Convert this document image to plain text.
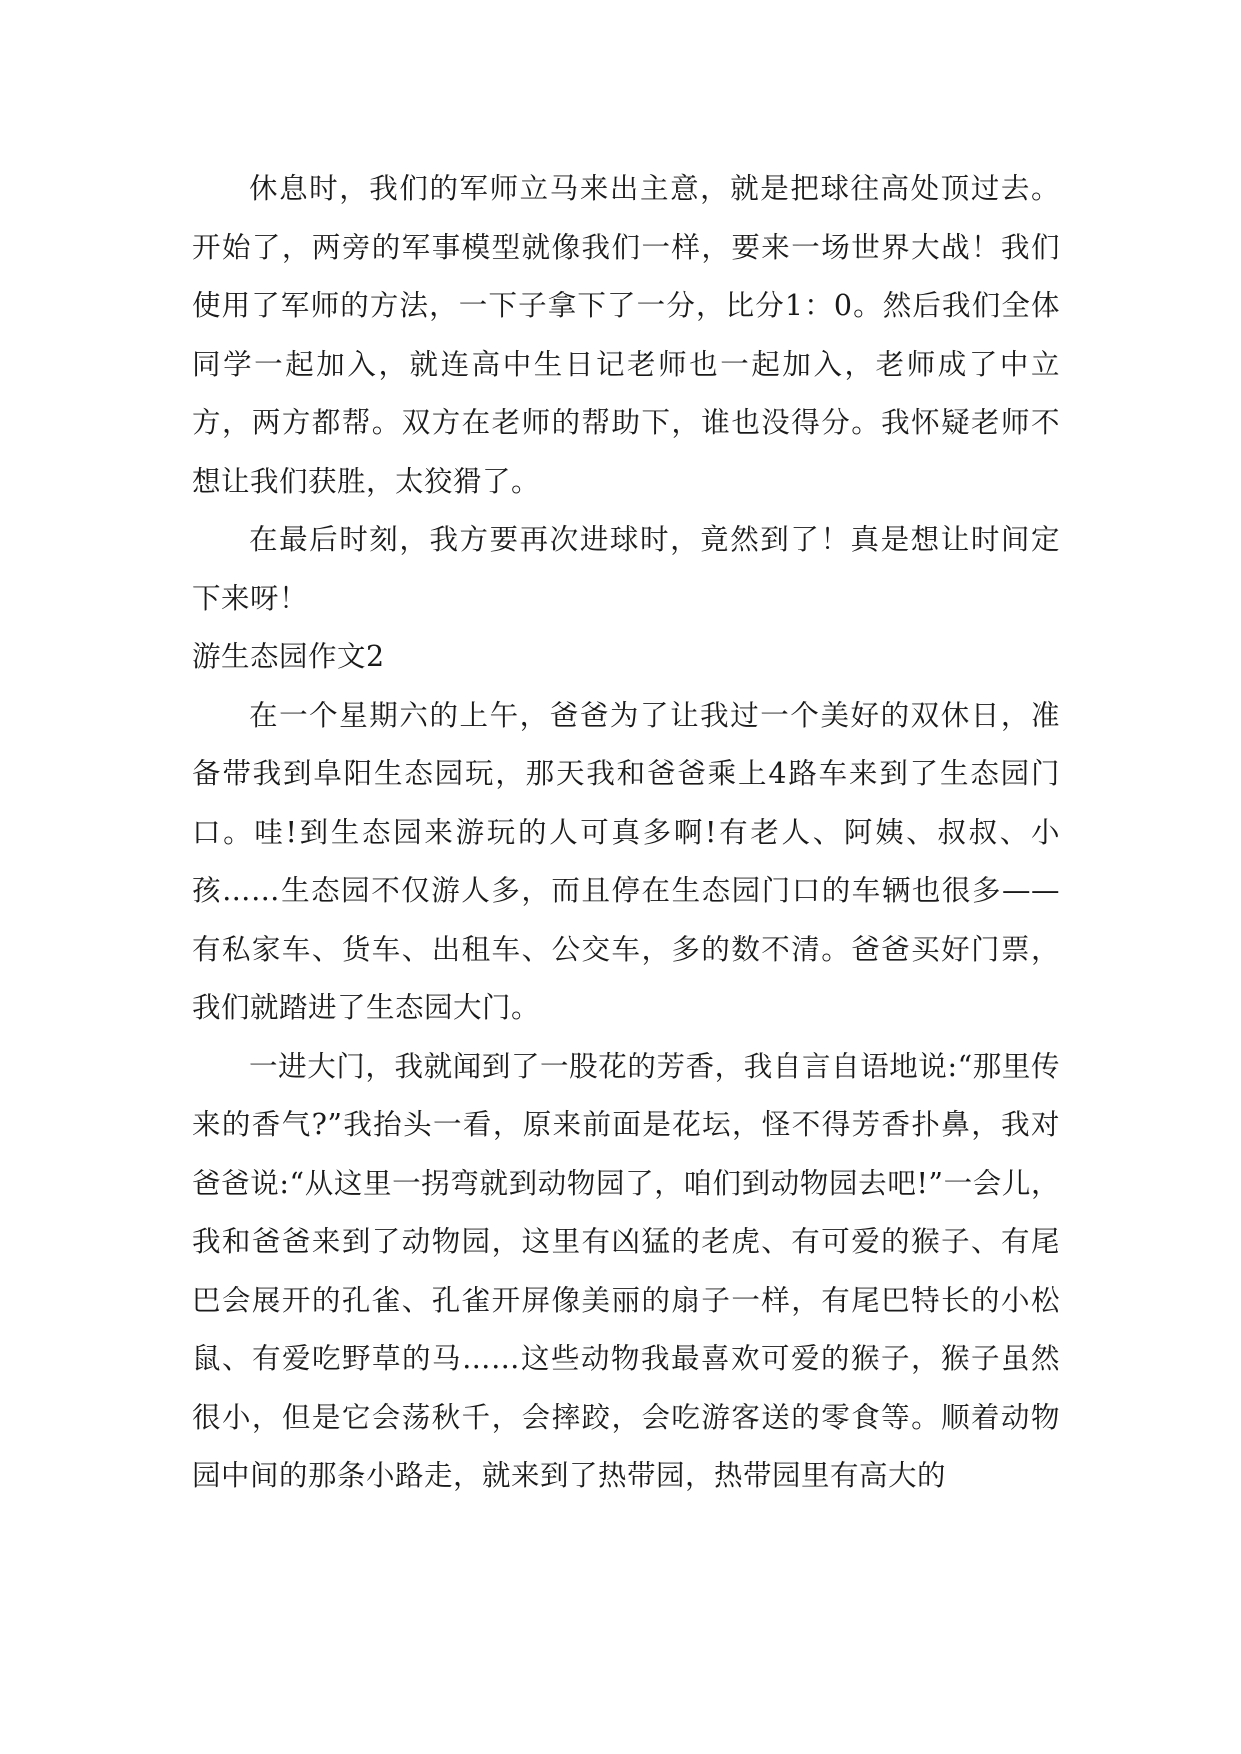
休息时，我们的军师立马来出主意，就是把球往高处顶过去。开始了，两旁的军事模型就像我们一样，要来一场世界大战！我们使用了军师的方法，一下子拿下了一分，比分1：0。然后我们全体同学一起加入，就连高中生日记老师也一起加入，老师成了中立方，两方都帮。双方在老师的帮助下，谁也没得分。我怀疑老师不想让我们获胜，太狡猾了。

在最后时刻，我方要再次进球时，竟然到了！真是想让时间定下来呀！

游生态园作文2

在一个星期六的上午，爸爸为了让我过一个美好的双休日，准备带我到阜阳生态园玩，那天我和爸爸乘上4路车来到了生态园门口。哇!到生态园来游玩的人可真多啊!有老人、阿姨、叔叔、小孩……生态园不仅游人多，而且停在生态园门口的车辆也很多——有私家车、货车、出租车、公交车，多的数不清。爸爸买好门票，我们就踏进了生态园大门。

一进大门，我就闻到了一股花的芳香，我自言自语地说:“那里传来的香气?”我抬头一看，原来前面是花坛，怪不得芳香扑鼻，我对爸爸说:“从这里一拐弯就到动物园了，咱们到动物园去吧!”一会儿，我和爸爸来到了动物园，这里有凶猛的老虎、有可爱的猴子、有尾巴会展开的孔雀、孔雀开屏像美丽的扇子一样，有尾巴特长的小松鼠、有爱吃野草的马……这些动物我最喜欢可爱的猴子，猴子虽然很小，但是它会荡秋千，会摔跤，会吃游客送的零食等。顺着动物园中间的那条小路走，就来到了热带园，热带园里有高大的
